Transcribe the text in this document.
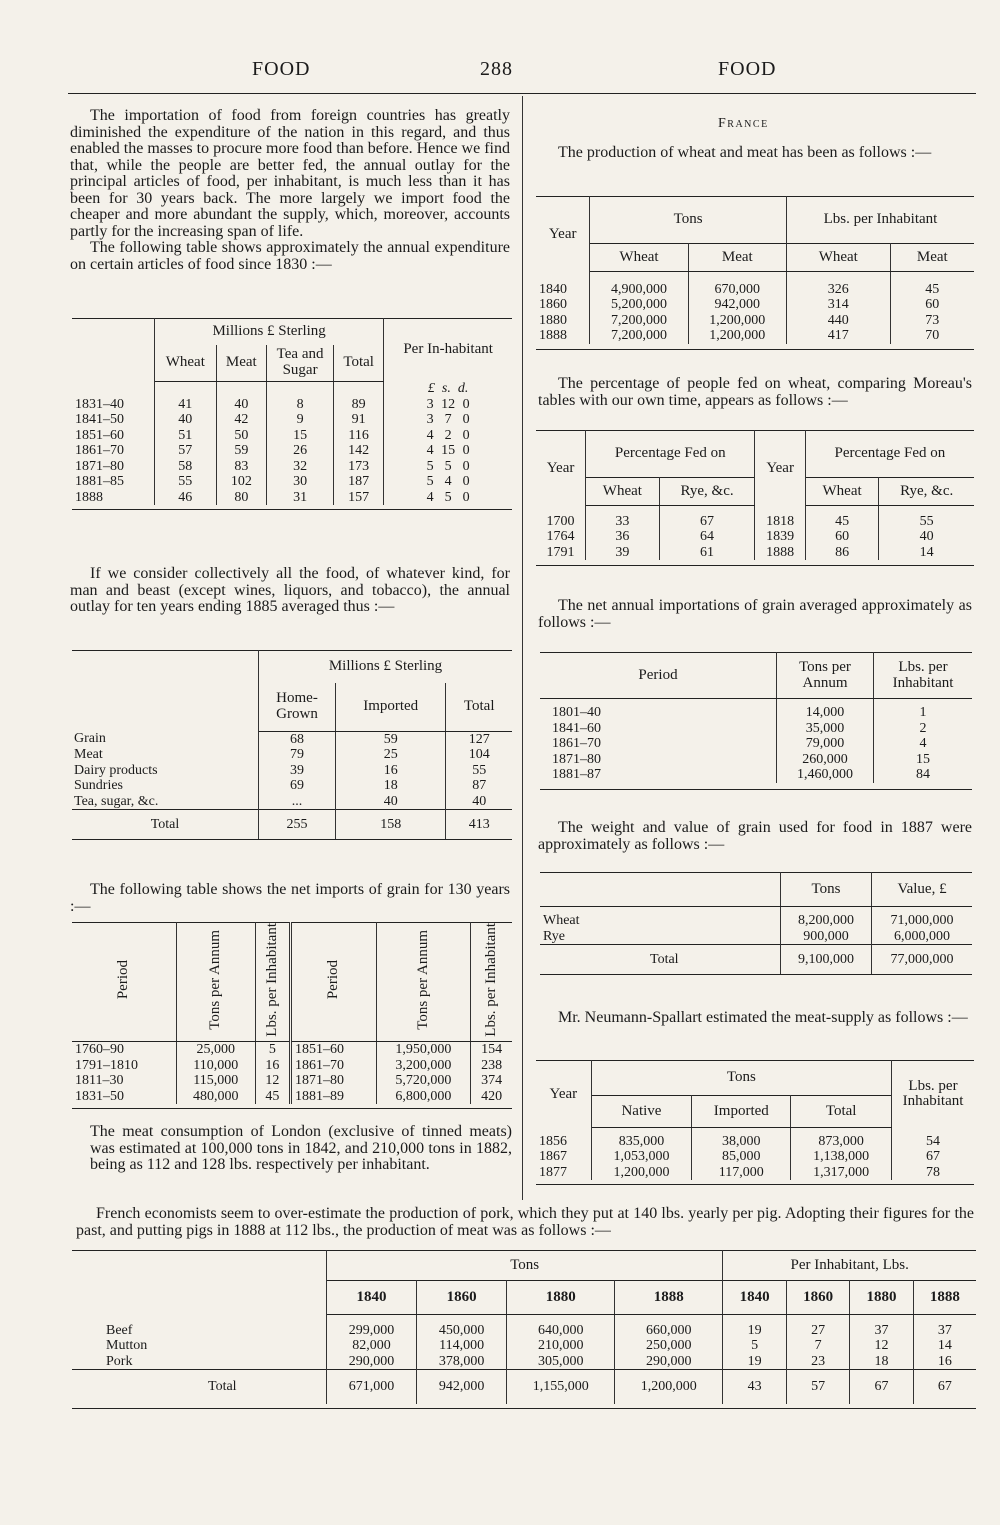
FOOD	288	FOOD

The importation of food from foreign countries has greatly diminished the expenditure of the nation in this regard, and thus enabled the masses to procure more food than before. Hence we find that, while the people are better fed, the annual outlay for the principal articles of food, per inhabitant, is much less than it has been for 30 years back. The more largely we import food the cheaper and more abundant the supply, which, moreover, accounts partly for the increasing span of life.

The following table shows approximately the annual expenditure on certain articles of food since 1830 :—

	Millions £ Sterling				Per In-habitant
	Wheat	Meat	Tea and Sugar	Total	
					£ s. d.
1831–40	41	40	8	89	3 12 0
1841–50	40	42	9	91	3 7 0
1851–60	51	50	15	116	4 2 0
1861–70	57	59	26	142	4 15 0
1871–80	58	83	32	173	5 5 0
1881–85	55	102	30	187	5 4 0
1888	46	80	31	157	4 5 0

If we consider collectively all the food, of whatever kind, for man and beast (except wines, liquors, and tobacco), the annual outlay for ten years ending 1885 averaged thus :—

	Millions £ Sterling		
	Home-Grown	Imported	Total
Grain	68	59	127
Meat	79	25	104
Dairy products	39	16	55
Sundries	69	18	87
Tea, sugar, &c.	...	40	40
Total	255	158	413

The following table shows the net imports of grain for 130 years :—

Period	Tons per Annum	Lbs. per Inhabitant	Period	Tons per Annum	Lbs. per Inhabitant
1760–90	25,000	5	1851–60	1,950,000	154
1791–1810	110,000	16	1861–70	3,200,000	238
1811–30	115,000	12	1871–80	5,720,000	374
1831–50	480,000	45	1881–89	6,800,000	420

The meat consumption of London (exclusive of tinned meats) was estimated at 100,000 tons in 1842, and 210,000 tons in 1882, being as 112 and 128 lbs. respectively per inhabitant.

France

The production of wheat and meat has been as follows :—

Year	Tons		Lbs. per Inhabitant	
	Wheat	Meat	Wheat	Meat

1840	4,900,000	670,000	326	45
1860	5,200,000	942,000	314	60
1880	7,200,000	1,200,000	440	73
1888	7,200,000	1,200,000	417	70

The percentage of people fed on wheat, comparing Moreau's tables with our own time, appears as follows :—

Year	Percentage Fed on		Year	Percentage Fed on	
	Wheat	Rye, &c.		Wheat	Rye, &c.

1700	33	67	1818	45	55
1764	36	64	1839	60	40
1791	39	61	1888	86	14

The net annual importations of grain averaged approximately as follows :—

Period	Tons per Annum	Lbs. per Inhabitant

1801–40	14,000	1
1841–60	35,000	2
1861–70	79,000	4
1871–80	260,000	15
1881–87	1,460,000	84

The weight and value of grain used for food in 1887 were approximately as follows :—

	Tons	Value, £

Wheat	8,200,000	71,000,000
Rye	900,000	6,000,000
Total	9,100,000	77,000,000

Mr. Neumann-Spallart estimated the meat-supply as follows :—

Year	Tons			Lbs. per Inhabitant
	Native	Imported	Total	

1856	835,000	38,000	873,000	54
1867	1,053,000	85,000	1,138,000	67
1877	1,200,000	117,000	1,317,000	78

French economists seem to over-estimate the production of pork, which they put at 140 lbs. yearly per pig. Adopting their figures for the past, and putting pigs in 1888 at 112 lbs., the production of meat was as follows :—

	Tons				Per Inhabitant, Lbs.			
	1840	1860	1880	1888	1840	1860	1880	1888

Beef	299,000	450,000	640,000	660,000	19	27	37	37
Mutton	82,000	114,000	210,000	250,000	5	7	12	14
Pork	290,000	378,000	305,000	290,000	19	23	18	16
Total	671,000	942,000	1,155,000	1,200,000	43	57	67	67
